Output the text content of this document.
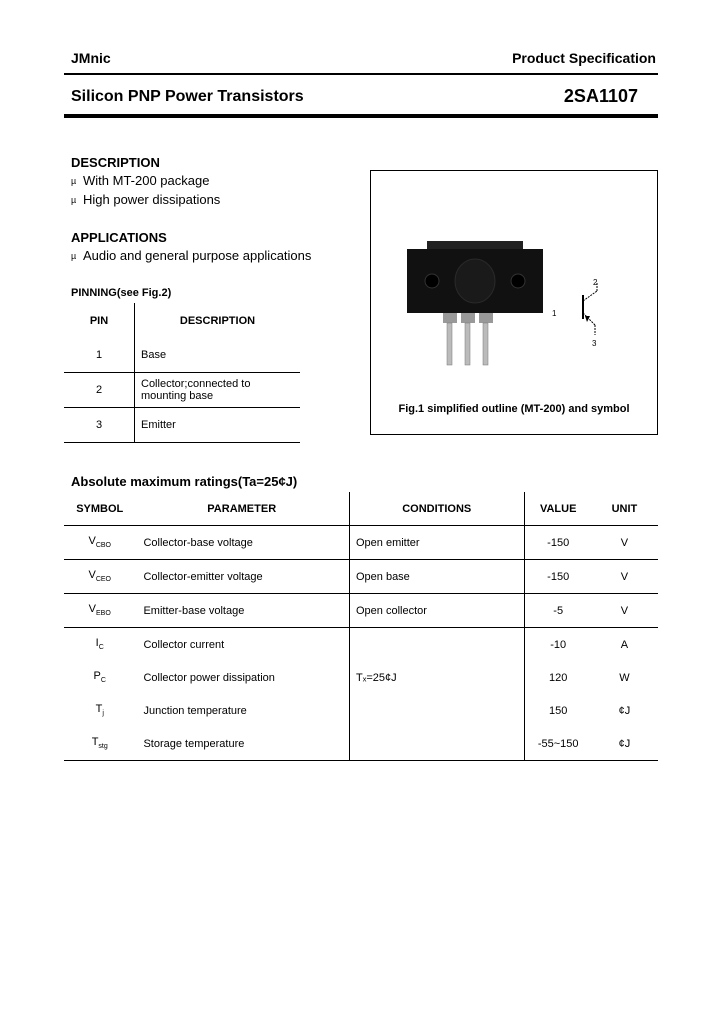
JMnic	Product Specification
Silicon PNP Power Transistors	2SA1107
DESCRIPTION
µ With MT-200 package
µ High power dissipations
APPLICATIONS
µ Audio and general purpose applications
PINNING(see Fig.2)
PIN	DESCRIPTION
1	Base
2	Collector;connected to mounting base
3	Emitter
2
1
3
Fig.1 simplified outline (MT-200) and symbol
Absolute maximum ratings(Ta=25¢J)
SYMBOL	PARAMETER	CONDITIONS	VALUE	UNIT
$V_{CBO}$	Collector-base voltage	Open emitter	-150	V
$V_{CEO}$	Collector-emitter voltage	Open base	-150	V
$V_{EBO}$	Emitter-base voltage	Open collector	-5	V
$I_C$	Collector current		-10	A
$P_C$	Collector power dissipation	Tₓ=25¢J	120	W
$T_j$	Junction temperature		150	¢J
$T_{stg}$	Storage temperature		-55~150	¢J
